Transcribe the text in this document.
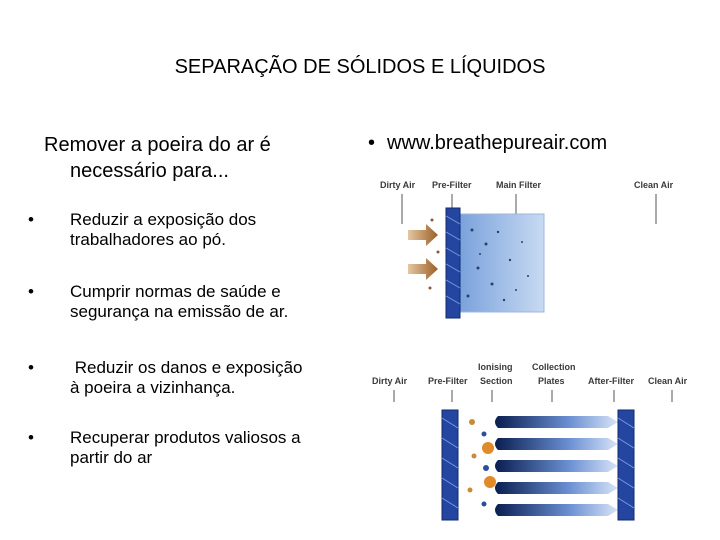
SEPARAÇÃO DE SÓLIDOS E LÍQUIDOS
Remover a poeira do ar é
necessário para...
• Reduzir a exposição dos
trabalhadores ao pó.
• Cumprir normas de saúde e
segurança na emissão de ar.
• Reduzir os danos e exposição
à poeira a vizinhança.
• Recuperar produtos valiosos a
partir do ar
• www.breathepureair.com
Dirty Air Pre-Filter	Main Filter	Clean Air
Ionising Collection
Dirty Air Pre-Filter Section	Plates	After-Filter Clean Air
